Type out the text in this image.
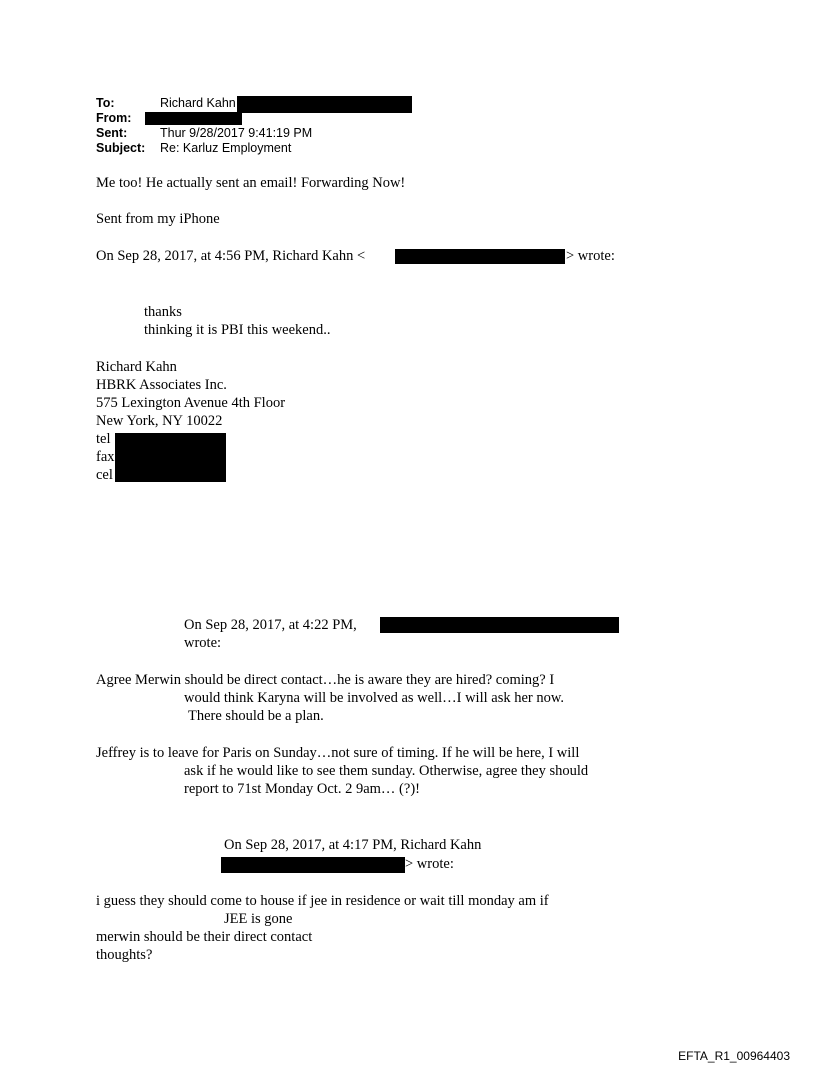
To:	Richard Kahn
From:
Sent:	Thur 9/28/2017 9:41:19 PM
Subject: Re: Karluz Employment
Me too! He actually sent an email! Forwarding Now!
Sent from my iPhone
On Sep 28, 2017, at 4:56 PM, Richard Kahn <	> wrote:
thanks
thinking it is PBI this weekend..
Richard Kahn
HBRK Associates Inc.
575 Lexington Avenue 4th Floor
New York, NY 10022
tel
fax
cel
On Sep 28, 2017, at 4:22 PM,
wrote:
Agree Merwin should be direct contact…he is aware they are hired? coming? I
would think Karyna will be involved as well…I will ask her now.
There should be a plan.
Jeffrey is to leave for Paris on Sunday…not sure of timing. If he will be here, I will
ask if he would like to see them sunday. Otherwise, agree they should
report to 71st Monday Oct. 2 9am… (?)!
On Sep 28, 2017, at 4:17 PM, Richard Kahn
> wrote:
i guess they should come to house if jee in residence or wait till monday am if
JEE is gone
merwin should be their direct contact
thoughts?
EFTA_R1_00964403
